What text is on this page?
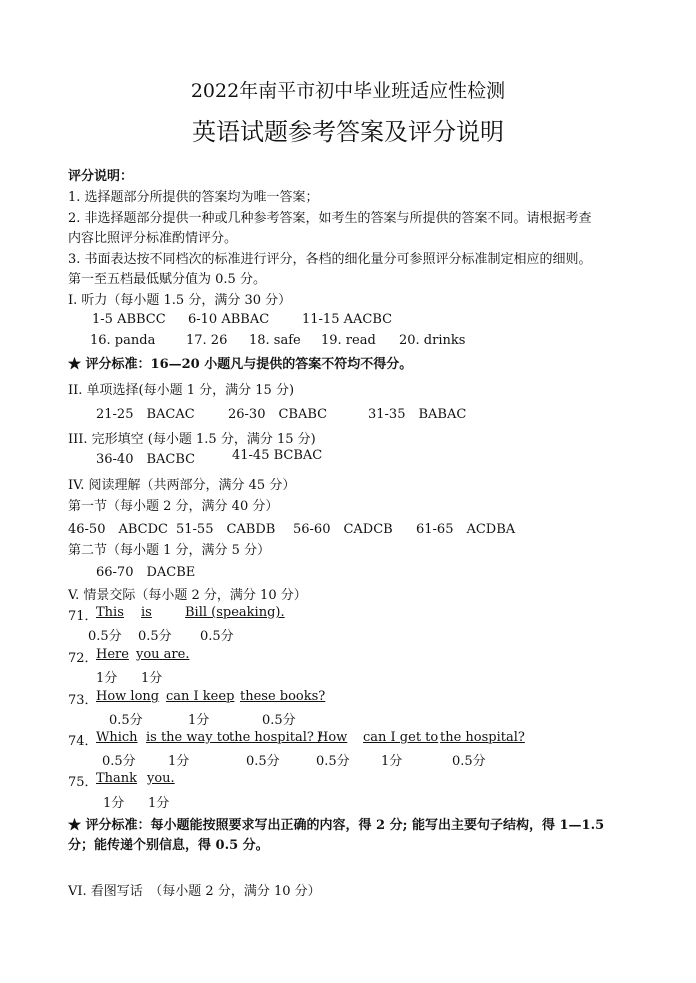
2022年南平市初中毕业班适应性检测
英语试题参考答案及评分说明
评分说明：
1. 选择题部分所提供的答案均为唯一答案；
2. 非选择题部分提供一种或几种参考答案，如考生的答案与所提供的答案不同。请根据考查
内容比照评分标准酌情评分。
3. 书面表达按不同档次的标准进行评分，各档的细化量分可参照评分标准制定相应的细则。
第一至五档最低赋分值为 0.5 分。
I. 听力（每小题 1.5 分，满分 30 分）
1-5 ABBCC 6-10 ABBAC	11-15 AACBC
16. panda 17. 26 18. safe 19. read 20. drinks
★ 评分标准：16—20 小题凡与提供的答案不符均不得分。
II. 单项选择(每小题 1 分，满分 15 分)
21-25　BACAC	26-30　CBABC	31-35　BABAC
III. 完形填空 (每小题 1.5 分，满分 15 分)
36-40　BACBC	41-45 BCBAC
IV. 阅读理解（共两部分，满分 45 分）
第一节（每小题 2 分，满分 40 分）
46-50　ABCDC 51-55　CABDB 56-60　CADCB 61-65　ACDBA
第二节（每小题 1 分，满分 5 分）
66-70　DACBE
V. 情景交际（每小题 2 分，满分 10 分）
71．
This is	Bill (speaking).
0.5分 0.5分 0.5分
72．
Here you are.
1分 1分
73．
How long can I keep these books?
0.5分	1分	0.5分
74．
Which is the way to the hospital? /
How can I get to the hospital?
0.5分 1分	0.5分	0.5分 1分	0.5分
75．
Thank you.
1分 1分
★ 评分标准：每小题能按照要求写出正确的内容，得 2 分; 能写出主要句子结构，得 1—1.5
分；能传递个别信息，得 0.5 分。
VI. 看图写话　（每小题 2 分，满分 10 分）
